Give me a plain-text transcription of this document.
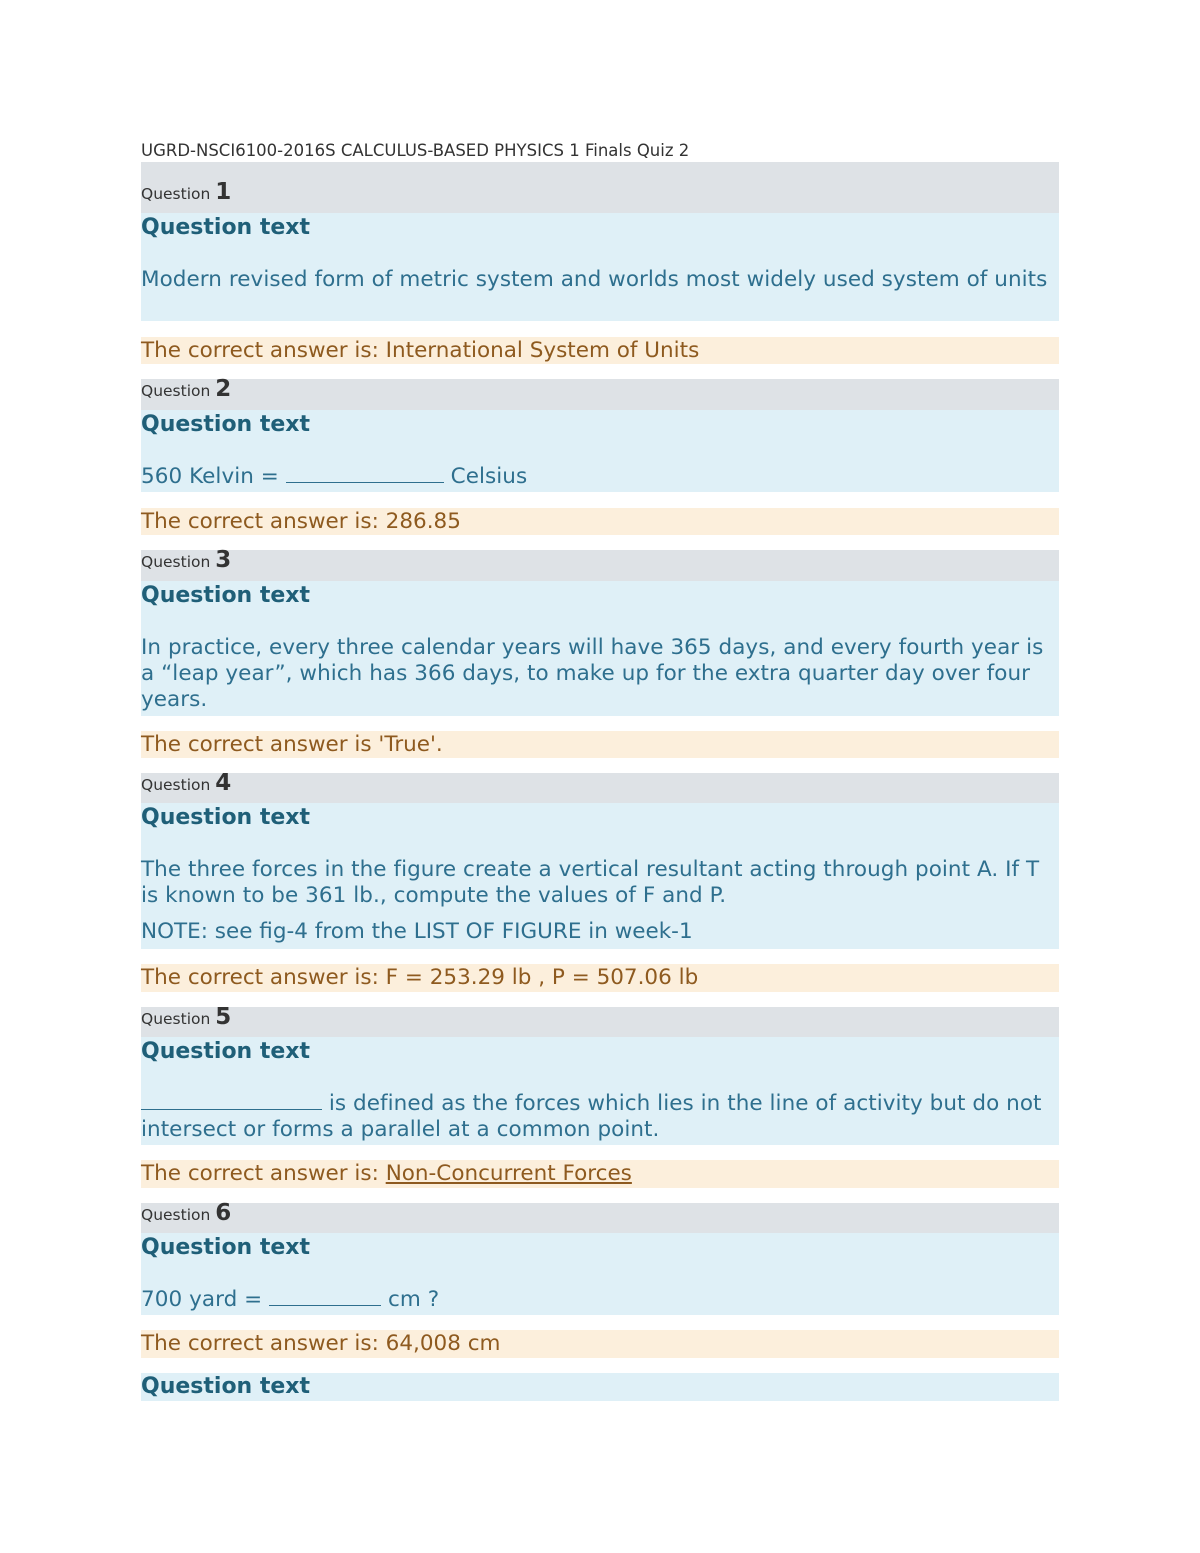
UGRD-NSCI6100-2016S CALCULUS-BASED PHYSICS 1 Finals Quiz 2
Question 1
Question text
Modern revised form of metric system and worlds most widely used system of units
The correct answer is: International System of Units
Question 2
Question text
560 Kelvin =	Celsius
The correct answer is: 286.85
Question 3
Question text
In practice, every three calendar years will have 365 days, and every fourth year is a “leap year”, which has 366 days, to make up for the extra quarter day over four years.
The correct answer is 'True'.
Question 4
Question text
The three forces in the figure create a vertical resultant acting through point A. If T is known to be 361 lb., compute the values of F and P.
NOTE: see fig-4 from the LIST OF FIGURE in week-1
The correct answer is: F = 253.29 lb , P = 507.06 lb
Question 5
Question text
is defined as the forces which lies in the line of activity but do not intersect or forms a parallel at a common point.
The correct answer is: Non-Concurrent Forces
Question 6
Question text
700 yard =	cm ?
The correct answer is: 64,008 cm
Question text
